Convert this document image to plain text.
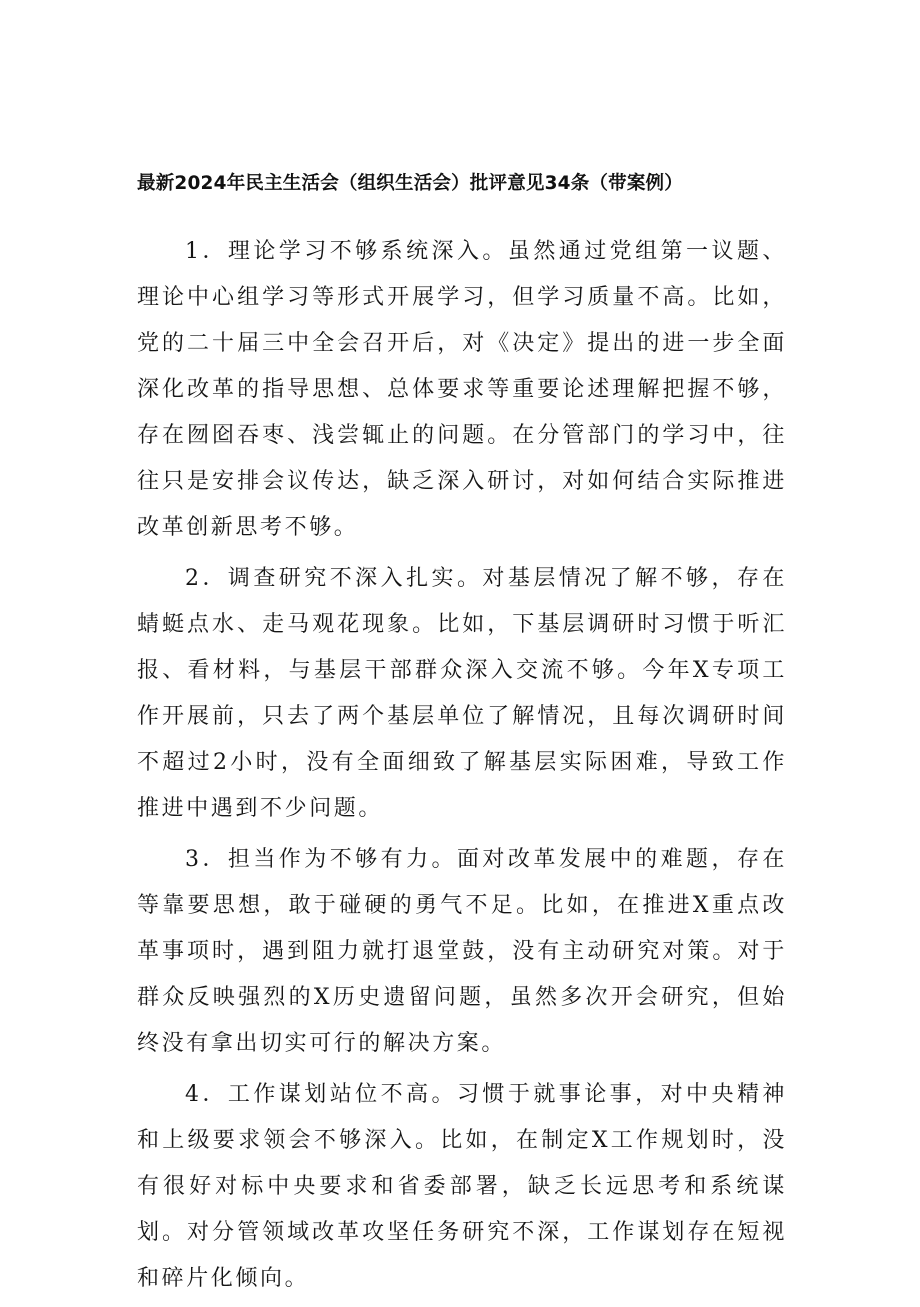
最新2024年民主生活会（组织生活会）批评意见34条（带案例）

1．理论学习不够系统深入。虽然通过党组第一议题、理论中心组学习等形式开展学习，但学习质量不高。比如，党的二十届三中全会召开后，对《决定》提出的进一步全面深化改革的指导思想、总体要求等重要论述理解把握不够，存在囫囵吞枣、浅尝辄止的问题。在分管部门的学习中，往往只是安排会议传达，缺乏深入研讨，对如何结合实际推进改革创新思考不够。

2．调查研究不深入扎实。对基层情况了解不够，存在蜻蜓点水、走马观花现象。比如，下基层调研时习惯于听汇报、看材料，与基层干部群众深入交流不够。今年X专项工作开展前，只去了两个基层单位了解情况，且每次调研时间不超过2小时，没有全面细致了解基层实际困难，导致工作推进中遇到不少问题。

3．担当作为不够有力。面对改革发展中的难题，存在等靠要思想，敢于碰硬的勇气不足。比如，在推进X重点改革事项时，遇到阻力就打退堂鼓，没有主动研究对策。对于群众反映强烈的X历史遗留问题，虽然多次开会研究，但始终没有拿出切实可行的解决方案。

4．工作谋划站位不高。习惯于就事论事，对中央精神和上级要求领会不够深入。比如，在制定X工作规划时，没有很好对标中央要求和省委部署，缺乏长远思考和系统谋划。对分管领域改革攻坚任务研究不深，工作谋划存在短视和碎片化倾向。
